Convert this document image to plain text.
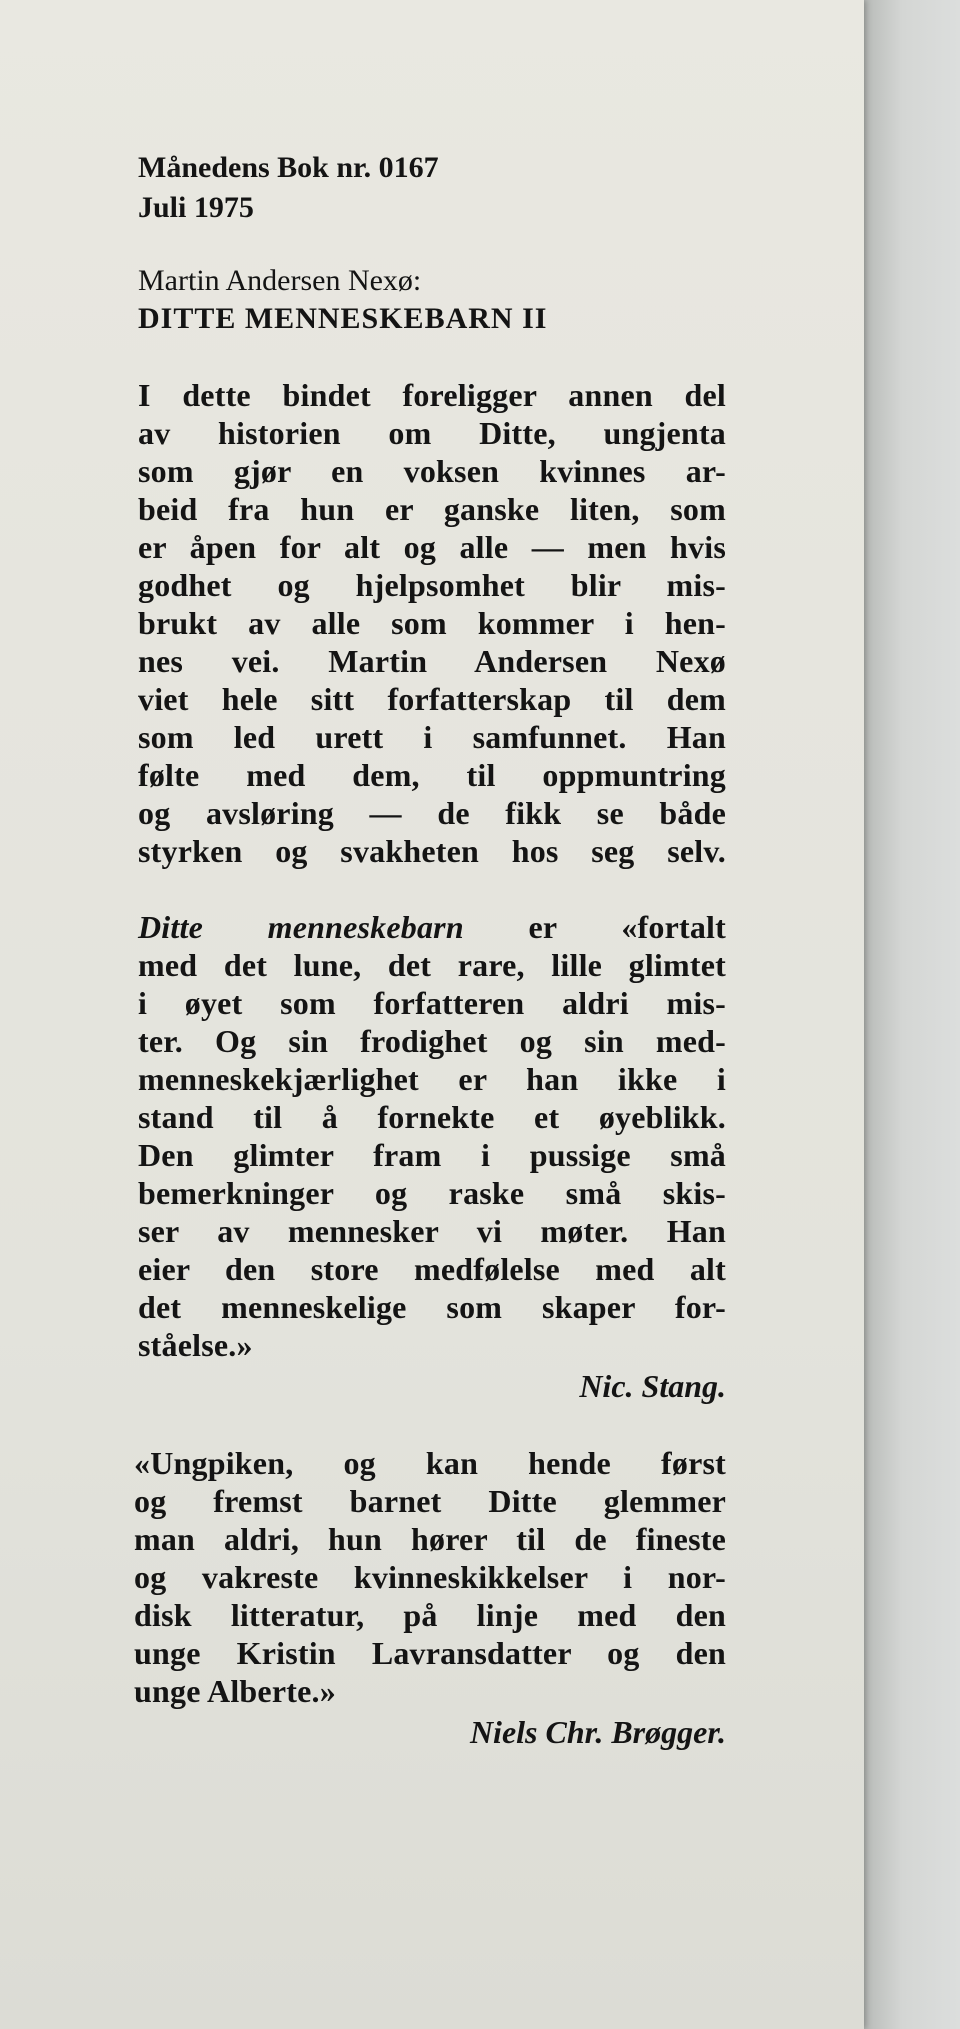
Månedens Bok nr. 0167
Juli 1975
Martin Andersen Nexø:
DITTE MENNESKEBARN II
I dette bindet foreligger annen del
av historien om Ditte, ungjenta
som gjør en voksen kvinnes ar-
beid fra hun er ganske liten, som
er åpen for alt og alle — men hvis
godhet og hjelpsomhet blir mis-
brukt av alle som kommer i hen-
nes vei. Martin Andersen Nexø
viet hele sitt forfatterskap til dem
som led urett i samfunnet. Han
følte med dem, til oppmuntring
og avsløring — de fikk se både
styrken og svakheten hos seg selv.
Ditte menneskebarn er «fortalt
med det lune, det rare, lille glimtet
i øyet som forfatteren aldri mis-
ter. Og sin frodighet og sin med-
menneskekjærlighet er han ikke i
stand til å fornekte et øyeblikk.
Den glimter fram i pussige små
bemerkninger og raske små skis-
ser av mennesker vi møter. Han
eier den store medfølelse med alt
det menneskelige som skaper for-
ståelse.»
Nic. Stang.
«Ungpiken, og kan hende først
og fremst barnet Ditte glemmer
man aldri, hun hører til de fineste
og vakreste kvinneskikkelser i nor-
disk litteratur, på linje med den
unge Kristin Lavransdatter og den
unge Alberte.»
Niels Chr. Brøgger.
